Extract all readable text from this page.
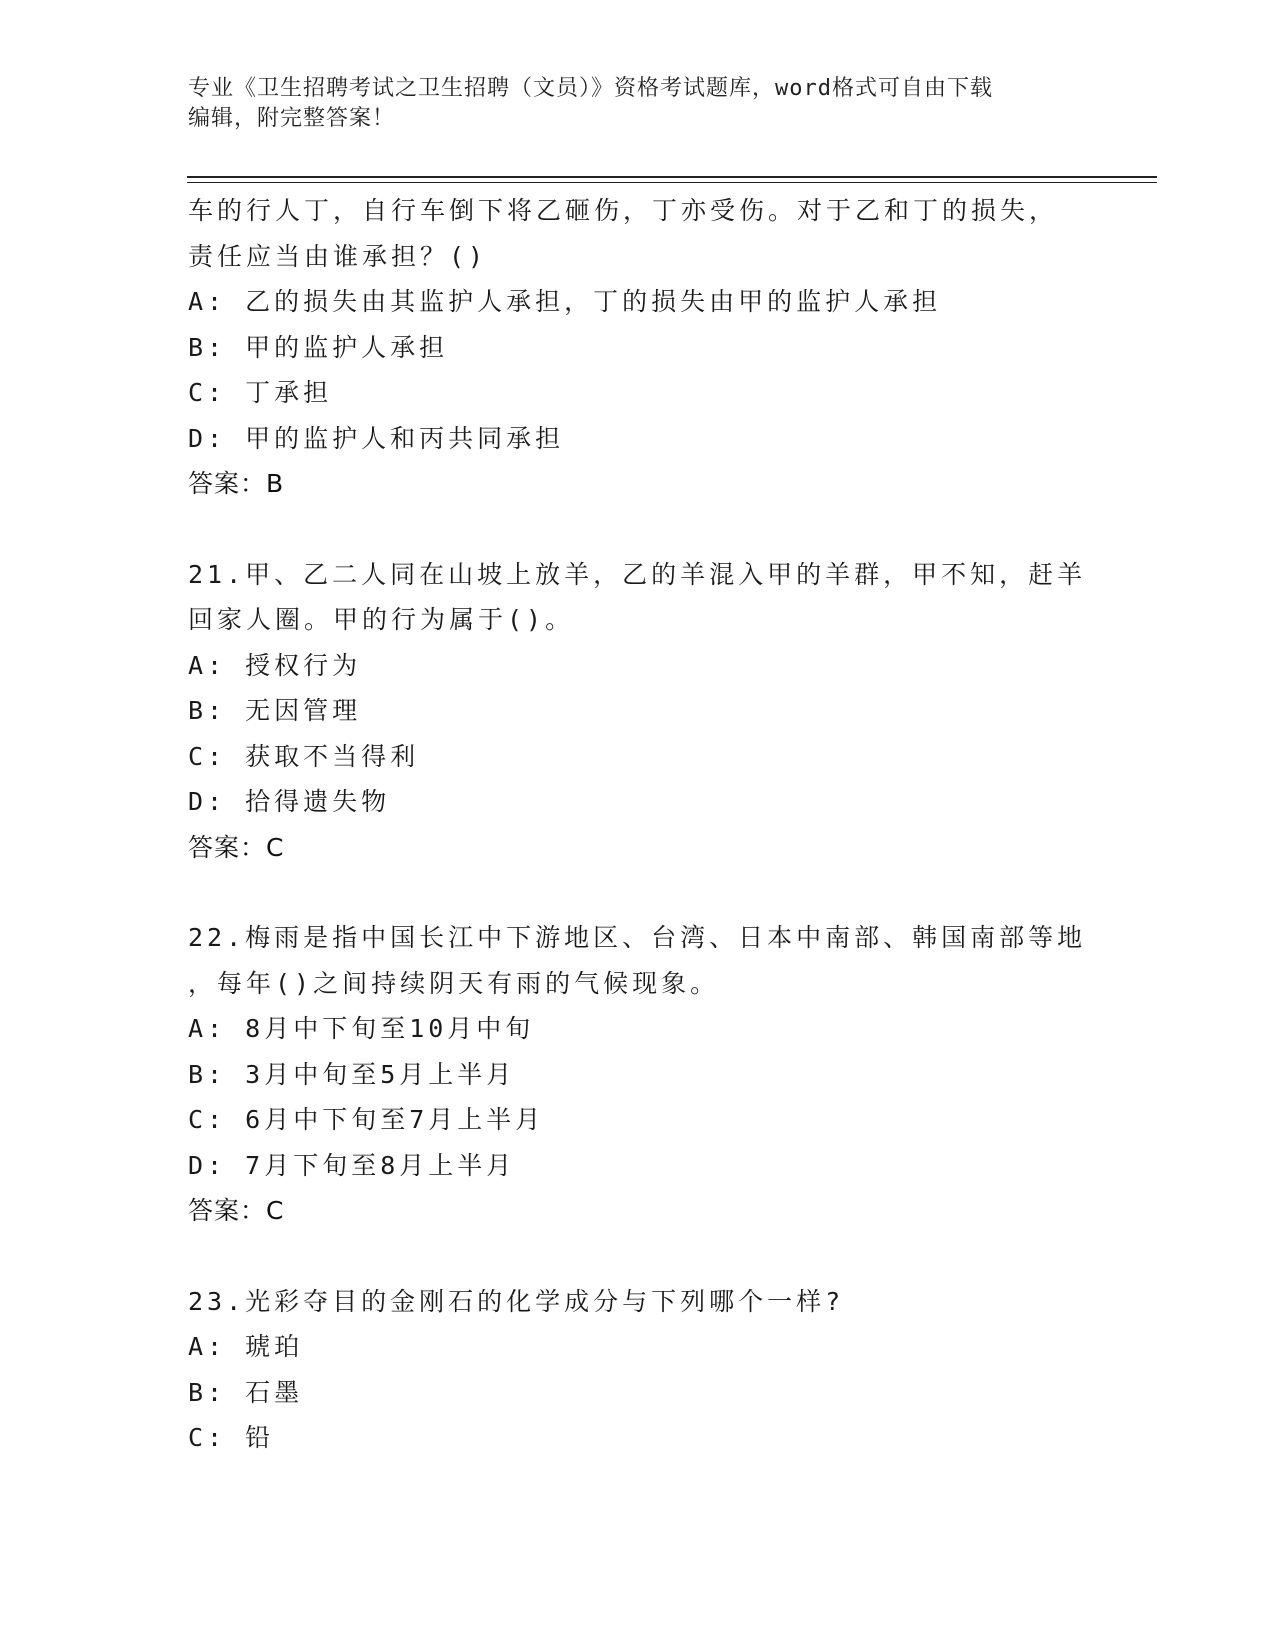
专业《卫生招聘考试之卫生招聘（文员）》资格考试题库，word格式可自由下载
编辑，附完整答案！
车的行人丁，自行车倒下将乙砸伤，丁亦受伤。对于乙和丁的损失，
责任应当由谁承担？()
A: 乙的损失由其监护人承担，丁的损失由甲的监护人承担
B: 甲的监护人承担
C: 丁承担
D: 甲的监护人和丙共同承担
答案：B
21.甲、乙二人同在山坡上放羊，乙的羊混入甲的羊群，甲不知，赶羊
回家人圈。甲的行为属于()。
A: 授权行为
B: 无因管理
C: 获取不当得利
D: 拾得遗失物
答案：C
22.梅雨是指中国长江中下游地区、台湾、日本中南部、韩国南部等地
，每年()之间持续阴天有雨的气候现象。
A: 8月中下旬至10月中旬
B: 3月中旬至5月上半月
C: 6月中下旬至7月上半月
D: 7月下旬至8月上半月
答案：C
23.光彩夺目的金刚石的化学成分与下列哪个一样?
A: 琥珀
B: 石墨
C: 铅
